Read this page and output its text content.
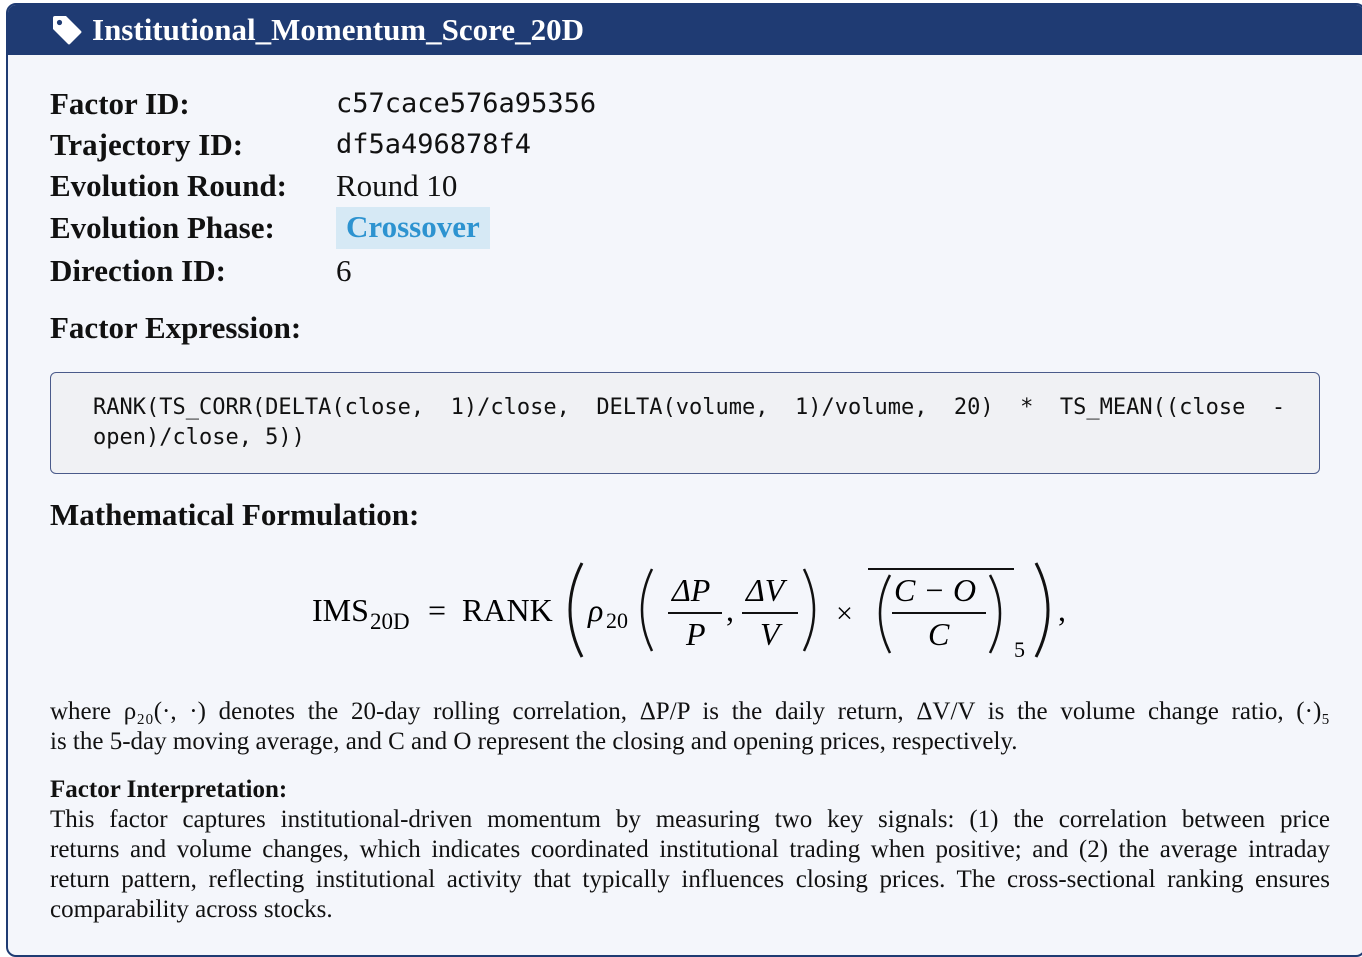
Institutional_Momentum_Score_20D
Factor ID:	c57cace576a95356
Trajectory ID:	df5a496878f4
Evolution Round:	Round 10
Evolution Phase:	Crossover
Direction ID:	6
Factor Expression:
RANK(TS_CORR(DELTA(close,  1)/close,  DELTA(volume,  1)/volume,  20)  *  TS_MEAN((close  -
open)/close, 5))
Mathematical Formulation:
IMS 20D = RANK ρ 20
ΔP
P
,
ΔV
V
×
C − O
C	5
,
where ρ₂₀(·, ·) denotes the 20-day rolling correlation, ΔP/P is the daily return, ΔV/V is the volume change ratio, (·)₅
is the 5-day moving average, and C and O represent the closing and opening prices, respectively.
Factor Interpretation:
This factor captures institutional-driven momentum by measuring two key signals: (1) the correlation between price
returns and volume changes, which indicates coordinated institutional trading when positive; and (2) the average intraday
return pattern, reflecting institutional activity that typically influences closing prices. The cross-sectional ranking ensures
comparability across stocks.
